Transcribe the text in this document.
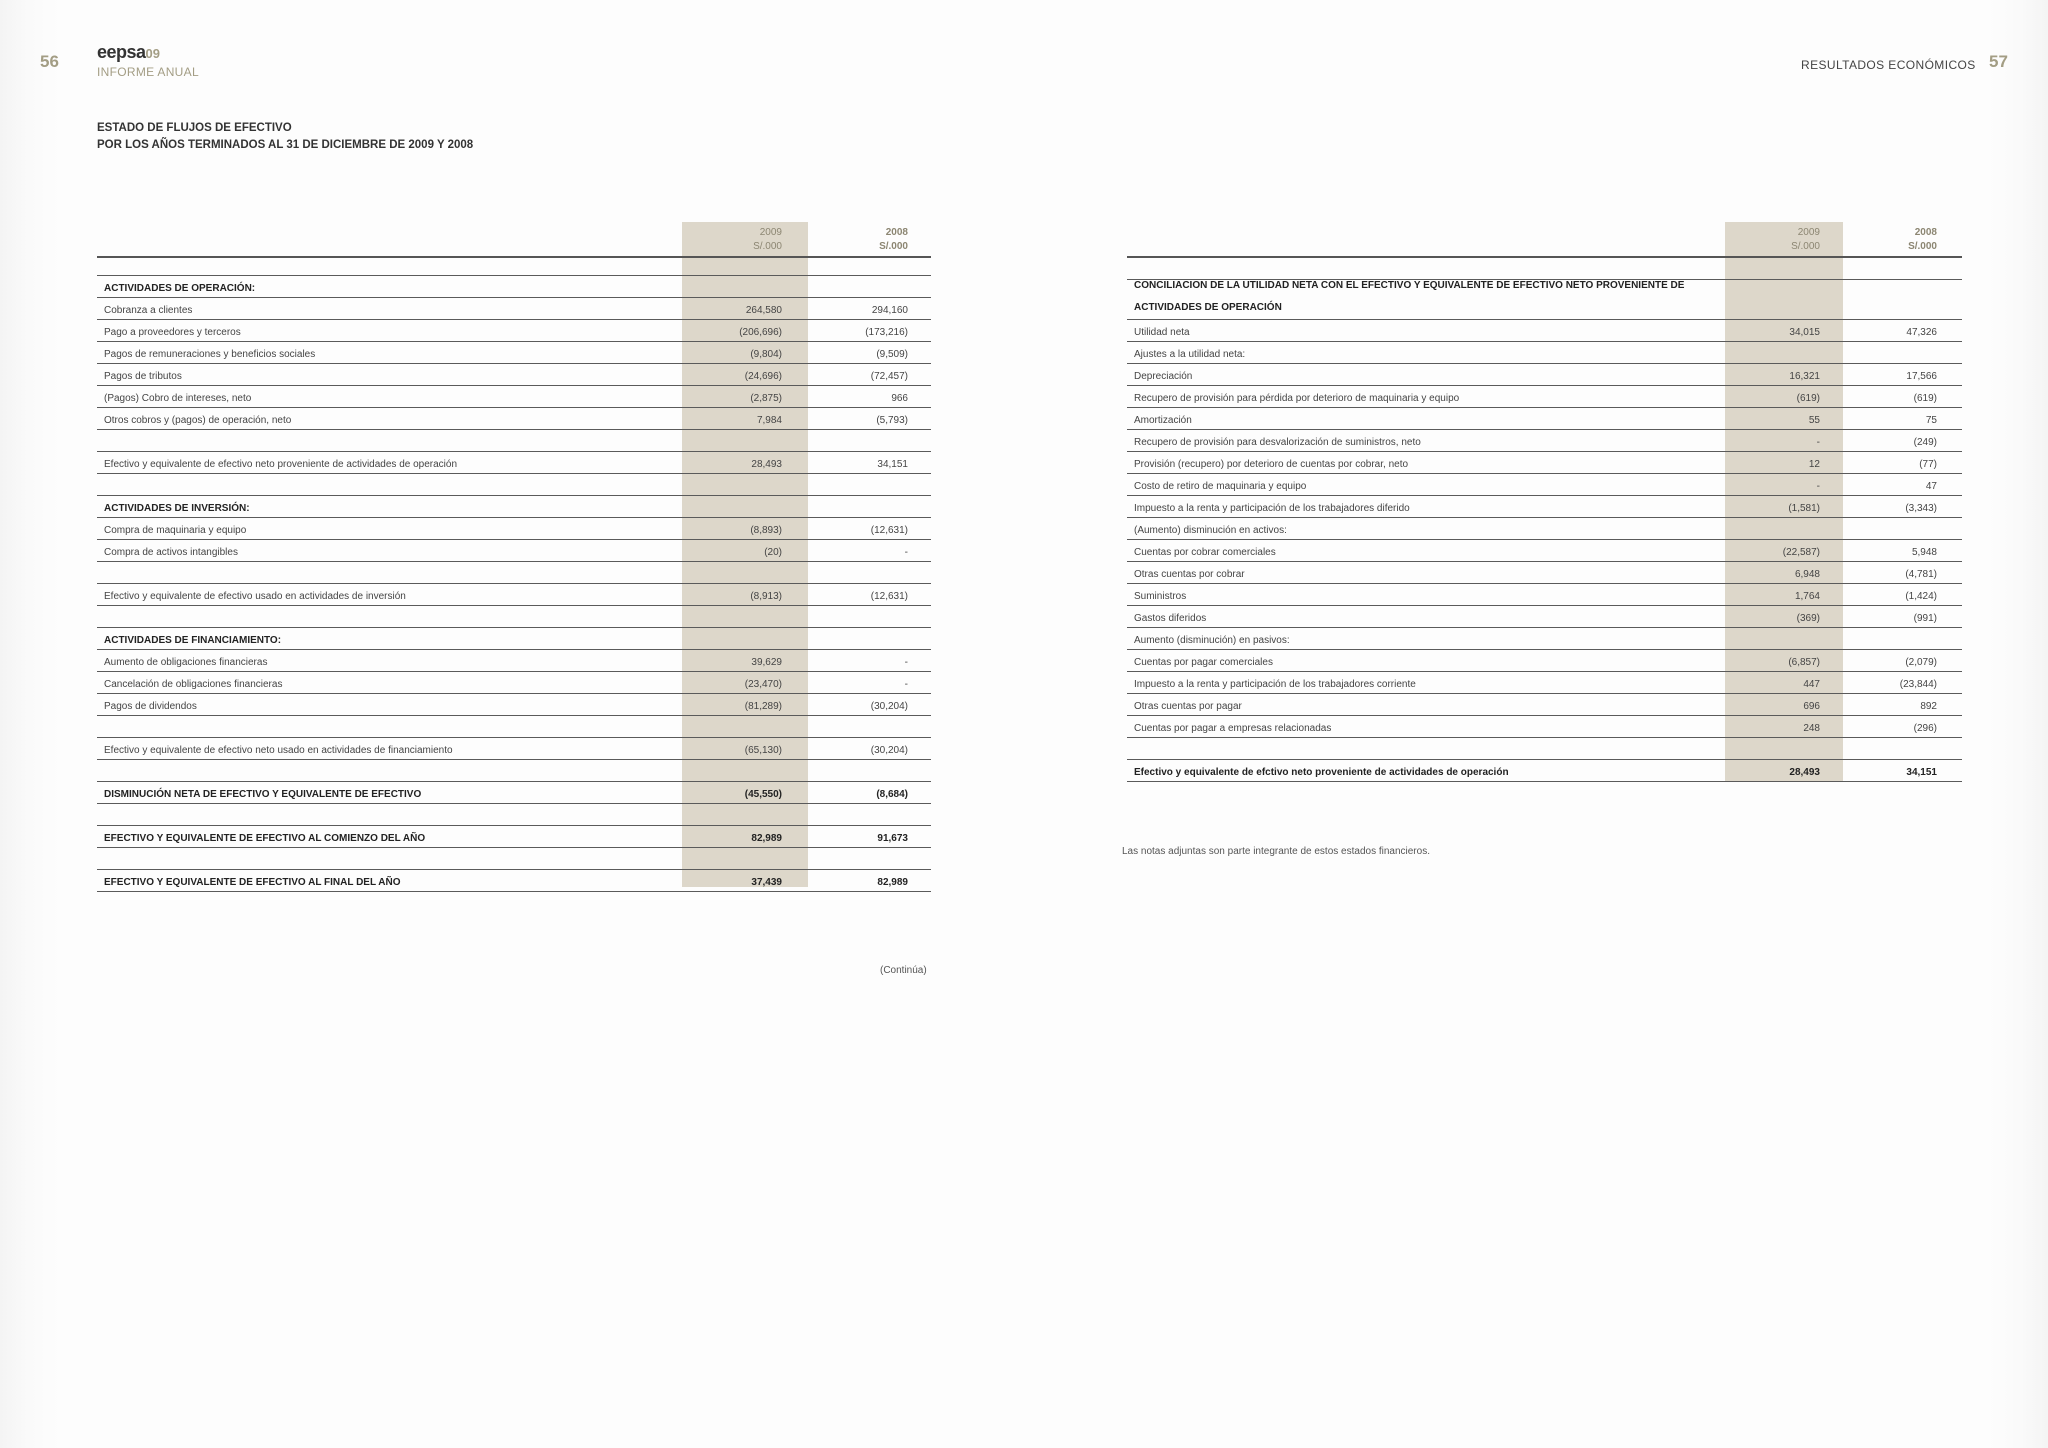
56	57
eepsa09
INFORME ANUAL	RESULTADOS ECONÓMICOS
ESTADO DE FLUJOS DE EFECTIVO
POR LOS AÑOS TERMINADOS AL 31 DE DICIEMBRE DE 2009 Y 2008
2009
S/.000
2008
S/.000
ACTIVIDADES DE OPERACIÓN:
Cobranza a clientes	264,580	294,160
Pago a proveedores y terceros	(206,696)	(173,216)
Pagos de remuneraciones y beneficios sociales	(9,804)	(9,509)
Pagos de tributos	(24,696)	(72,457)
(Pagos) Cobro de intereses, neto	(2,875)	966
Otros cobros y (pagos) de operación, neto	7,984	(5,793)
Efectivo y equivalente de efectivo neto proveniente de actividades de operación	28,493	34,151
ACTIVIDADES DE INVERSIÓN:
Compra de maquinaria y equipo	(8,893)	(12,631)
Compra de activos intangibles	(20)	-
Efectivo y equivalente de efectivo usado en actividades de inversión	(8,913)	(12,631)
ACTIVIDADES DE FINANCIAMIENTO:
Aumento de obligaciones financieras	39,629	-
Cancelación de obligaciones financieras	(23,470)	-
Pagos de dividendos	(81,289)	(30,204)
Efectivo y equivalente de efectivo neto usado en actividades de financiamiento	(65,130)	(30,204)
DISMINUCIÓN NETA DE EFECTIVO Y EQUIVALENTE DE EFECTIVO	(45,550)	(8,684)
EFECTIVO Y EQUIVALENTE DE EFECTIVO AL COMIENZO DEL AÑO	82,989	91,673
EFECTIVO Y EQUIVALENTE DE EFECTIVO AL FINAL DEL AÑO	37,439	82,989
2009
S/.000
2008
S/.000
CONCILIACION DE LA UTILIDAD NETA CON EL EFECTIVO Y EQUIVALENTE DE EFECTIVO NETO PROVENIENTE DE ACTIVIDADES DE OPERACIÓN
Utilidad neta	34,015	47,326
Ajustes a la utilidad neta:
Depreciación	16,321	17,566
Recupero de provisión para pérdida por deterioro de maquinaria y equipo	(619)	(619)
Amortización	55	75
Recupero de provisión para desvalorización de suministros, neto	-	(249)
Provisión (recupero) por deterioro de cuentas por cobrar, neto	12	(77)
Costo de retiro de maquinaria y equipo	-	47
Impuesto a la renta y participación de los trabajadores diferido	(1,581)	(3,343)
(Aumento) disminución en activos:
Cuentas por cobrar comerciales	(22,587)	5,948
Otras cuentas por cobrar	6,948	(4,781)
Suministros	1,764	(1,424)
Gastos diferidos	(369)	(991)
Aumento (disminución) en pasivos:
Cuentas por pagar comerciales	(6,857)	(2,079)
Impuesto a la renta y participación de los trabajadores corriente	447	(23,844)
Otras cuentas por pagar	696	892
Cuentas por pagar a empresas relacionadas	248	(296)
Efectivo y equivalente de efctivo neto proveniente de actividades de operación	28,493	34,151
(Continúa)
Las notas adjuntas son parte integrante de estos estados financieros.
